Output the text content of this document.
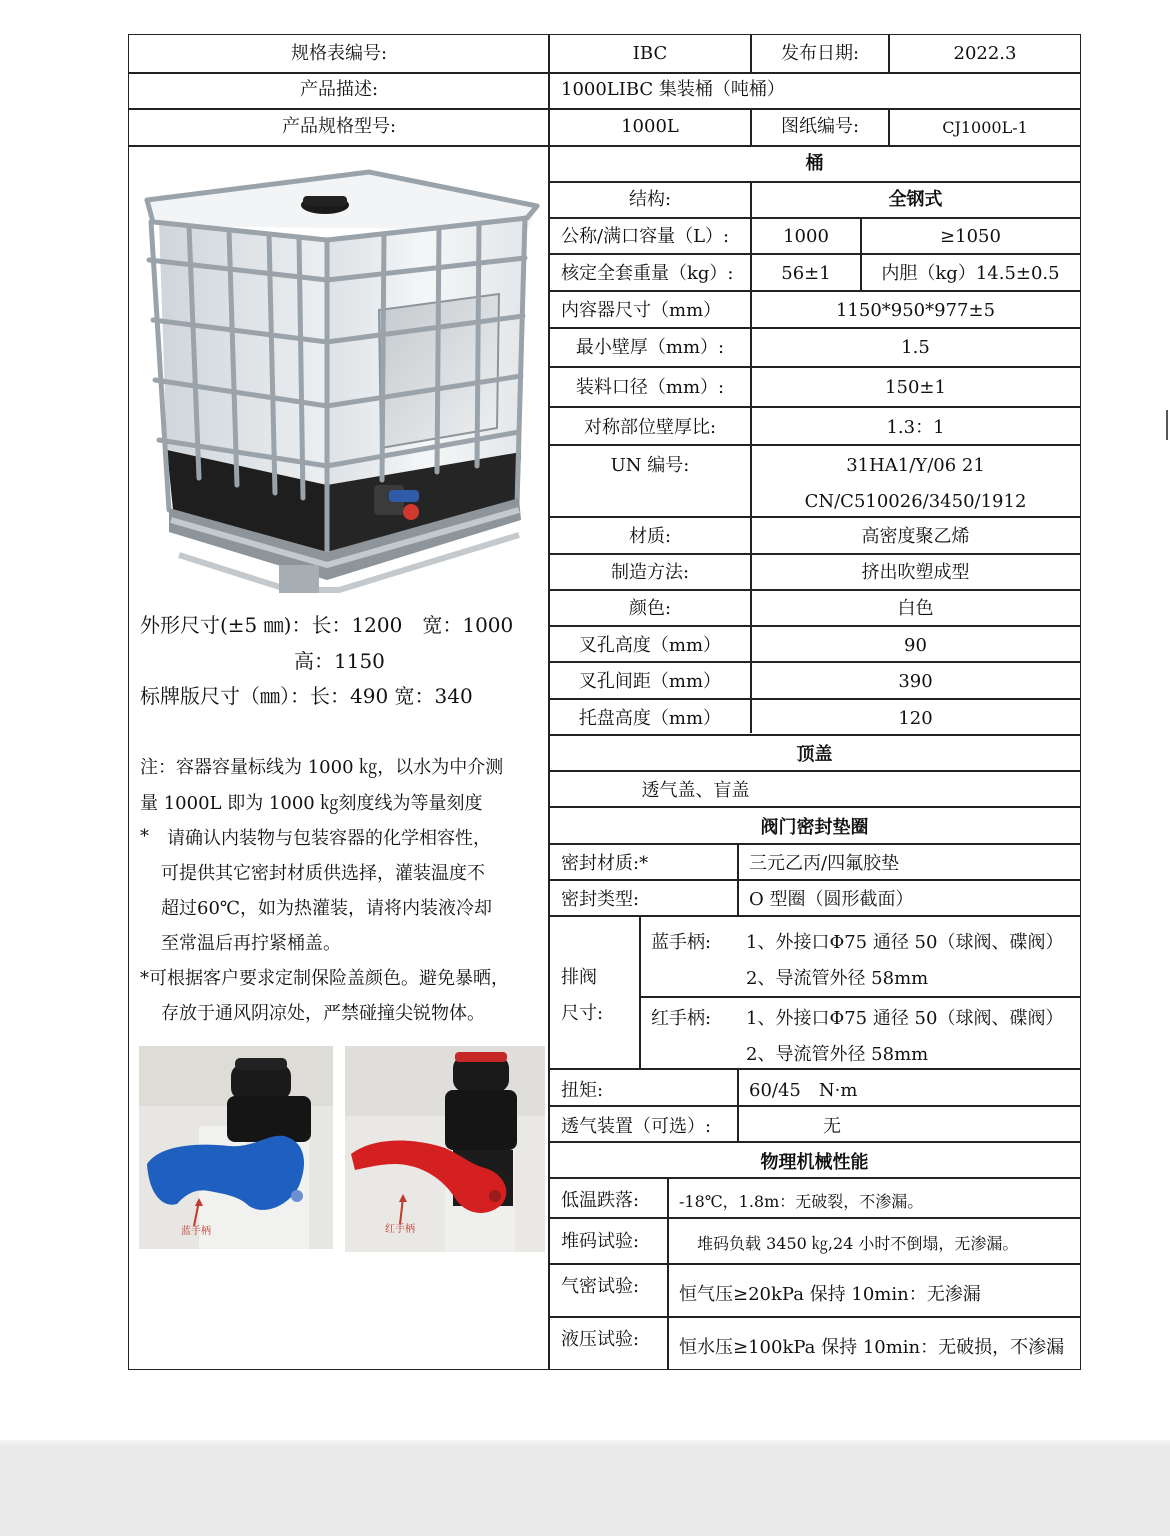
规格表编号:	IBC	发布日期:	2022.3
产品描述:	1000LIBC 集装桶（吨桶）
产品规格型号:	1000L	图纸编号:	CJ1000L-1
桶
结构:	全钢式
公称/满口容量（L）:	1000	≥1050
核定全套重量（kg）:	56±1	内胆（kg）14.5±0.5
内容器尺寸（mm）	1150*950*977±5
最小壁厚（mm）:	1.5
装料口径（mm）:	150±1
对称部位壁厚比:	1.3：1
UN 编号:	31HA1/Y/06 21
CN/C510026/3450/1912
材质:	高密度聚乙烯
制造方法:	挤出吹塑成型
颜色:	白色
叉孔高度（mm）	90
叉孔间距（mm）	390
托盘高度（mm）	120
顶盖
透气盖、盲盖
阀门密封垫圈
密封材质:*	三元乙丙/四氟胶垫
密封类型:	O 型圈（圆形截面）
排阀
尺寸:
蓝手柄: 1、外接口Φ75 通径 50（球阀、碟阀）
2、导流管外径 58mm
红手柄: 1、外接口Φ75 通径 50（球阀、碟阀）
2、导流管外径 58mm
扭矩:	60/45　N·m
透气装置（可选）:	无
物理机械性能
低温跌落: -18℃，1.8m：无破裂，不渗漏。
堆码试验:	堆码负载 3450 ㎏,24 小时不倒塌，无渗漏。
气密试验: 恒气压≥20kPa 保持 10min：无渗漏
液压试验: 恒水压≥100kPa 保持 10min：无破损，不渗漏
外形尺寸(±5 ㎜)：长：1200　宽：1000
高：1150
标牌版尺寸（㎜）：长：490 宽：340
注：容器容量标线为 1000 ㎏，以水为中介测
量 1000L 即为 1000 ㎏刻度线为等量刻度
* 请确认内装物与包装容器的化学相容性，
可提供其它密封材质供选择，灌装温度不
超过60℃，如为热灌装，请将内装液冷却
至常温后再拧紧桶盖。
*可根据客户要求定制保险盖颜色。避免暴晒，
存放于通风阴凉处，严禁碰撞尖锐物体。
蓝手柄	红手柄
